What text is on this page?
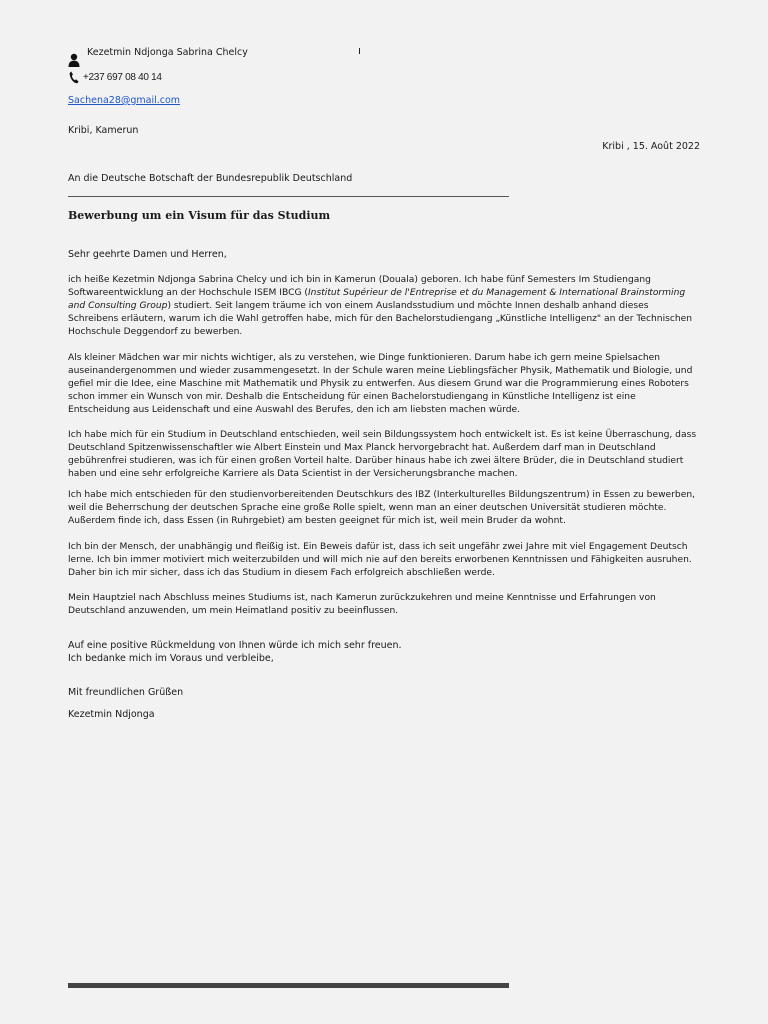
Kezetmin Ndjonga Sabrina Chelcy
+237 697 08 40 14
Sachena28@gmail.com
Kribi, Kamerun
Kribi , 15. Août 2022
An die Deutsche Botschaft der Bundesrepublik Deutschland
Bewerbung um ein Visum für das Studium
Sehr geehrte Damen und Herren,

ich heiße Kezetmin Ndjonga Sabrina Chelcy und ich bin in Kamerun (Douala) geboren. Ich habe fünf Semesters Im Studiengang Softwareentwicklung an der Hochschule ISEM IBCG (Institut Supérieur de l'Entreprise et du Management & International Brainstorming and Consulting Group) studiert. Seit langem träume ich von einem Auslandsstudium und möchte Innen deshalb anhand dieses Schreibens erläutern, warum ich die Wahl getroffen habe, mich für den Bachelorstudiengang „Künstliche Intelligenz" an der Technischen Hochschule Deggendorf zu bewerben.

Als kleiner Mädchen war mir nichts wichtiger, als zu verstehen, wie Dinge funktionieren. Darum habe ich gern meine Spielsachen auseinandergenommen und wieder zusammengesetzt. In der Schule waren meine Lieblingsfächer Physik, Mathematik und Biologie, und gefiel mir die Idee, eine Maschine mit Mathematik und Physik zu entwerfen. Aus diesem Grund war die Programmierung eines Roboters schon immer ein Wunsch von mir. Deshalb die Entscheidung für einen Bachelorstudiengang in Künstliche Intelligenz ist eine Entscheidung aus Leidenschaft und eine Auswahl des Berufes, den ich am liebsten machen würde.

Ich habe mich für ein Studium in Deutschland entschieden, weil sein Bildungssystem hoch entwickelt ist. Es ist keine Überraschung, dass Deutschland Spitzenwissenschaftler wie Albert Einstein und Max Planck hervorgebracht hat. Außerdem darf man in Deutschland gebührenfrei studieren, was ich für einen großen Vorteil halte. Darüber hinaus habe ich zwei ältere Brüder, die in Deutschland studiert haben und eine sehr erfolgreiche Karriere als Data Scientist in der Versicherungsbranche machen.

Ich habe mich entschieden für den studienvorbereitenden Deutschkurs des IBZ (Interkulturelles Bildungszentrum) in Essen zu bewerben, weil die Beherrschung der deutschen Sprache eine große Rolle spielt, wenn man an einer deutschen Universität studieren möchte. Außerdem finde ich, dass Essen (in Ruhrgebiet) am besten geeignet für mich ist, weil mein Bruder da wohnt.

Ich bin der Mensch, der unabhängig und fleißig ist. Ein Beweis dafür ist, dass ich seit ungefähr zwei Jahre mit viel Engagement Deutsch lerne. Ich bin immer motiviert mich weiterzubilden und will mich nie auf den bereits erworbenen Kenntnissen und Fähigkeiten ausruhen. Daher bin ich mir sicher, dass ich das Studium in diesem Fach erfolgreich abschließen werde.

Mein Hauptziel nach Abschluss meines Studiums ist, nach Kamerun zurückzukehren und meine Kenntnisse und Erfahrungen von Deutschland anzuwenden, um mein Heimatland positiv zu beeinflussen.

Auf eine positive Rückmeldung von Ihnen würde ich mich sehr freuen.
Ich bedanke mich im Voraus und verbleibe,
Mit freundlichen Grüßen
Kezetmin Ndjonga
